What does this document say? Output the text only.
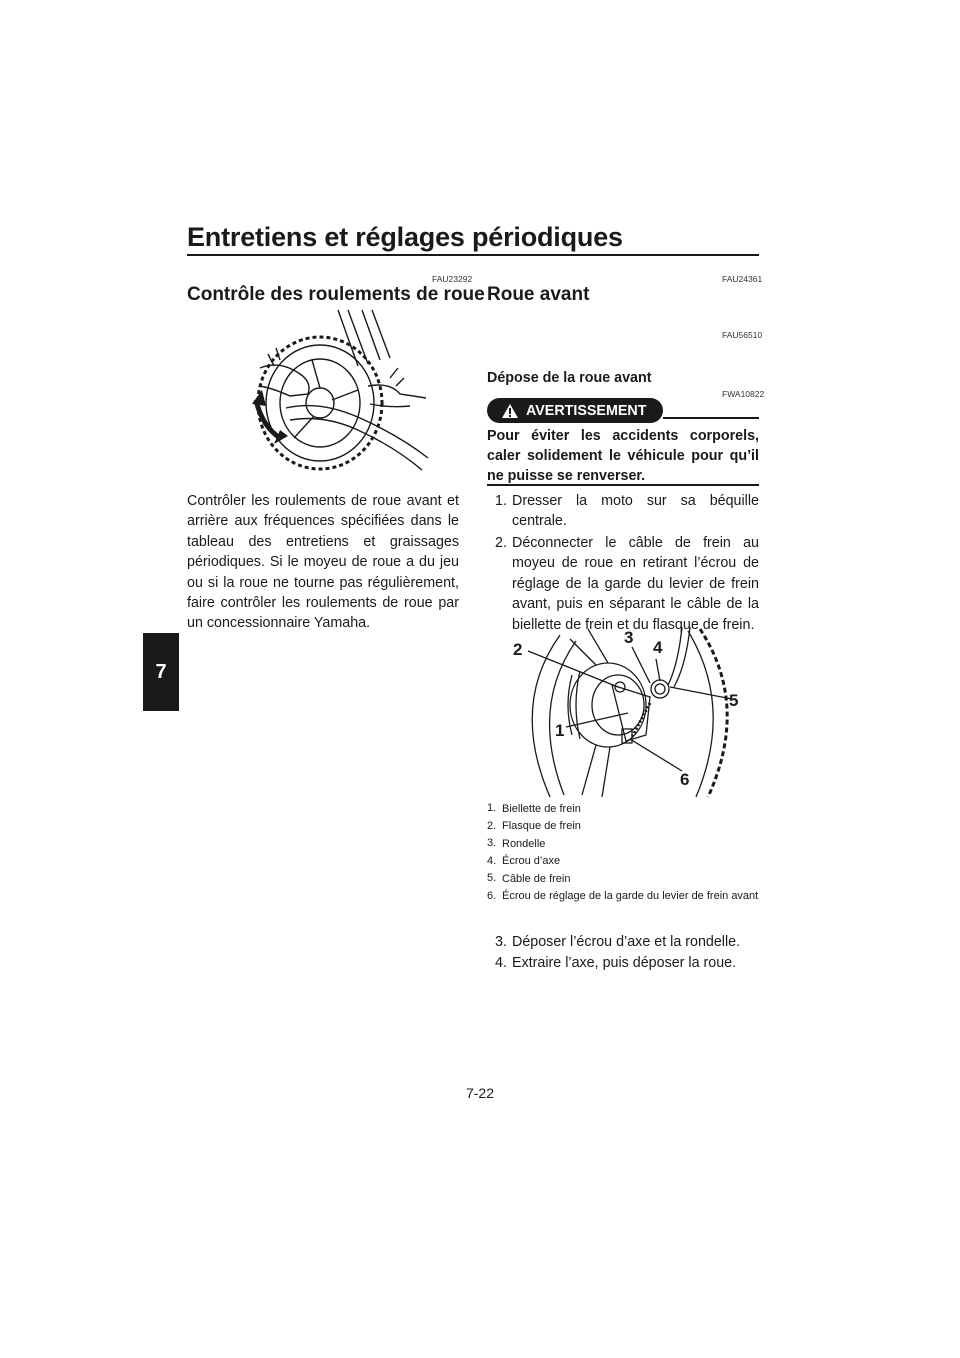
Entretiens et réglages périodiques
7
FAU23292
Contrôle des roulements de roue
Contrôler les roulements de roue avant et arrière aux fréquences spécifiées dans le tableau des entretiens et graissages périodiques. Si le moyeu de roue a du jeu ou si la roue ne tourne pas régulièrement, faire contrôler les roulements de roue par un concessionnaire Yamaha.
FAU24361
Roue avant
FAU56510
Dépose de la roue avant
FWA10822
AVERTISSEMENT
Pour éviter les accidents corporels, caler solidement le véhicule pour qu’il ne puisse se renverser.
1. Dresser la moto sur sa béquille centrale.
2. Déconnecter le câble de frein au moyeu de roue en retirant l’écrou de réglage de la garde du levier de frein avant, puis en séparant le câble de la biellette de frein et du flasque de frein.
2
3
4
5
1
6
1. Biellette de frein
2. Flasque de frein
3. Rondelle
4. Écrou d’axe
5. Câble de frein
6. Écrou de réglage de la garde du levier de frein avant
3. Déposer l’écrou d’axe et la rondelle.
4. Extraire l’axe, puis déposer la roue.
7-22
